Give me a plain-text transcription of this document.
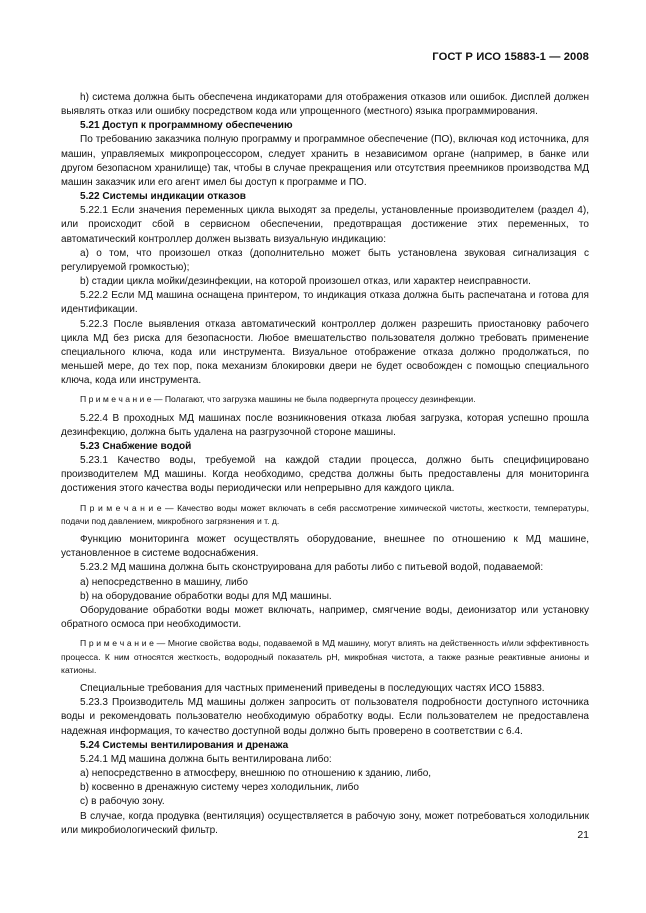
ГОСТ Р ИСО 15883-1 — 2008

h) система должна быть обеспечена индикаторами для отображения отказов или ошибок. Дисплей должен выявлять отказ или ошибку посредством кода или упрощенного (местного) языка программирования.

5.21 Доступ к программному обеспечению

По требованию заказчика полную программу и программное обеспечение (ПО), включая код источника, для машин, управляемых микропроцессором, следует хранить в независимом органе (например, в банке или другом безопасном хранилище) так, чтобы в случае прекращения или отсутствия преемников производства МД машин заказчик или его агент имел бы доступ к программе и ПО.

5.22 Системы индикации отказов

5.22.1 Если значения переменных цикла выходят за пределы, установленные производителем (раздел 4), или происходит сбой в сервисном обеспечении, предотвращая достижение этих переменных, то автоматический контроллер должен вызвать визуальную индикацию:

а) о том, что произошел отказ (дополнительно может быть установлена звуковая сигнализация с регулируемой громкостью);

b) стадии цикла мойки/дезинфекции, на которой произошел отказ, или характер неисправности.

5.22.2 Если МД машина оснащена принтером, то индикация отказа должна быть распечатана и готова для идентификации.

5.22.3 После выявления отказа автоматический контроллер должен разрешить приостановку рабочего цикла МД без риска для безопасности. Любое вмешательство пользователя должно требовать применение специального ключа, кода или инструмента. Визуальное отображение отказа должно продолжаться, по меньшей мере, до тех пор, пока механизм блокировки двери не будет освобожден с помощью специального ключа, кода или инструмента.

П р и м е ч а н и е — Полагают, что загрузка машины не была подвергнута процессу дезинфекции.

5.22.4 В проходных МД машинах после возникновения отказа любая загрузка, которая успешно прошла дезинфекцию, должна быть удалена на разгрузочной стороне машины.

5.23 Снабжение водой

5.23.1 Качество воды, требуемой на каждой стадии процесса, должно быть специфицировано производителем МД машины. Когда необходимо, средства должны быть предоставлены для мониторинга достижения этого качества воды периодически или непрерывно для каждого цикла.

П р и м е ч а н и е — Качество воды может включать в себя рассмотрение химической чистоты, жесткости, температуры, подачи под давлением, микробного загрязнения и т. д.

Функцию мониторинга может осуществлять оборудование, внешнее по отношению к МД машине, установленное в системе водоснабжения.

5.23.2 МД машина должна быть сконструирована для работы либо с питьевой водой, подаваемой:

а) непосредственно в машину, либо

b) на оборудование обработки воды для МД машины.

Оборудование обработки воды может включать, например, смягчение воды, деионизатор или установку обратного осмоса при необходимости.

П р и м е ч а н и е — Многие свойства воды, подаваемой в МД машину, могут влиять на действенность и/или эффективность процесса. К ним относятся жесткость, водородный показатель pH, микробная чистота, а также разные реактивные анионы и катионы.

Специальные требования для частных применений приведены в последующих частях ИСО 15883.

5.23.3 Производитель МД машины должен запросить от пользователя подробности доступного источника воды и рекомендовать пользователю необходимую обработку воды. Если пользователем не предоставлена надежная информация, то качество доступной воды должно быть проверено в соответствии с 6.4.

5.24 Системы вентилирования и дренажа

5.24.1 МД машина должна быть вентилирована либо:

а) непосредственно в атмосферу, внешнюю по отношению к зданию, либо,

b) косвенно в дренажную систему через холодильник, либо

с) в рабочую зону.

В случае, когда продувка (вентиляция) осуществляется в рабочую зону, может потребоваться холодильник или микробиологический фильтр.	21
